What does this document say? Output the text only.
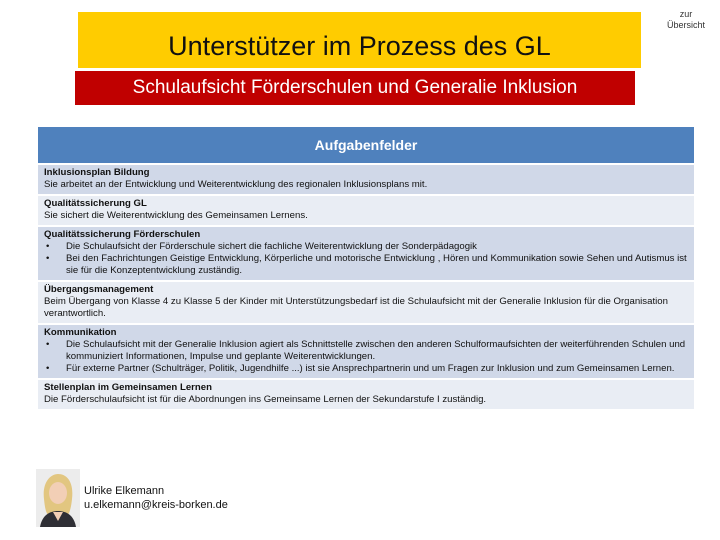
Unterstützer im Prozess des GL
zur
Übersicht
Schulaufsicht Förderschulen und Generalie Inklusion
Aufgabenfelder
Inklusionsplan Bildung
Sie arbeitet an der Entwicklung und Weiterentwicklung des regionalen Inklusionsplans mit.
Qualitätssicherung GL
Sie sichert die Weiterentwicklung des Gemeinsamen Lernens.
Qualitätssicherung Förderschulen
•	Die Schulaufsicht der Förderschule sichert die fachliche Weiterentwicklung der Sonderpädagogik
•	Bei den Fachrichtungen Geistige Entwicklung, Körperliche und motorische Entwicklung , Hören und Kommunikation sowie Sehen und Autismus ist sie für die Konzeptentwicklung zuständig.
Übergangsmanagement
Beim Übergang von Klasse 4 zu Klasse 5 der Kinder mit Unterstützungsbedarf ist die Schulaufsicht mit der Generalie Inklusion für die Organisation verantwortlich.
Kommunikation
•	Die Schulaufsicht mit der Generalie Inklusion agiert als Schnittstelle zwischen den anderen Schulformaufsichten der weiterführenden Schulen und kommuniziert Informationen, Impulse und geplante Weiterentwicklungen.
•	Für externe Partner (Schulträger, Politik, Jugendhilfe ...) ist sie Ansprechpartnerin und um Fragen zur Inklusion und zum Gemeinsamen Lernen.
Stellenplan im Gemeinsamen Lernen
Die Förderschulaufsicht ist für die Abordnungen ins Gemeinsame Lernen der Sekundarstufe I zuständig.
Ulrike Elkemann
u.elkemann@kreis-borken.de
